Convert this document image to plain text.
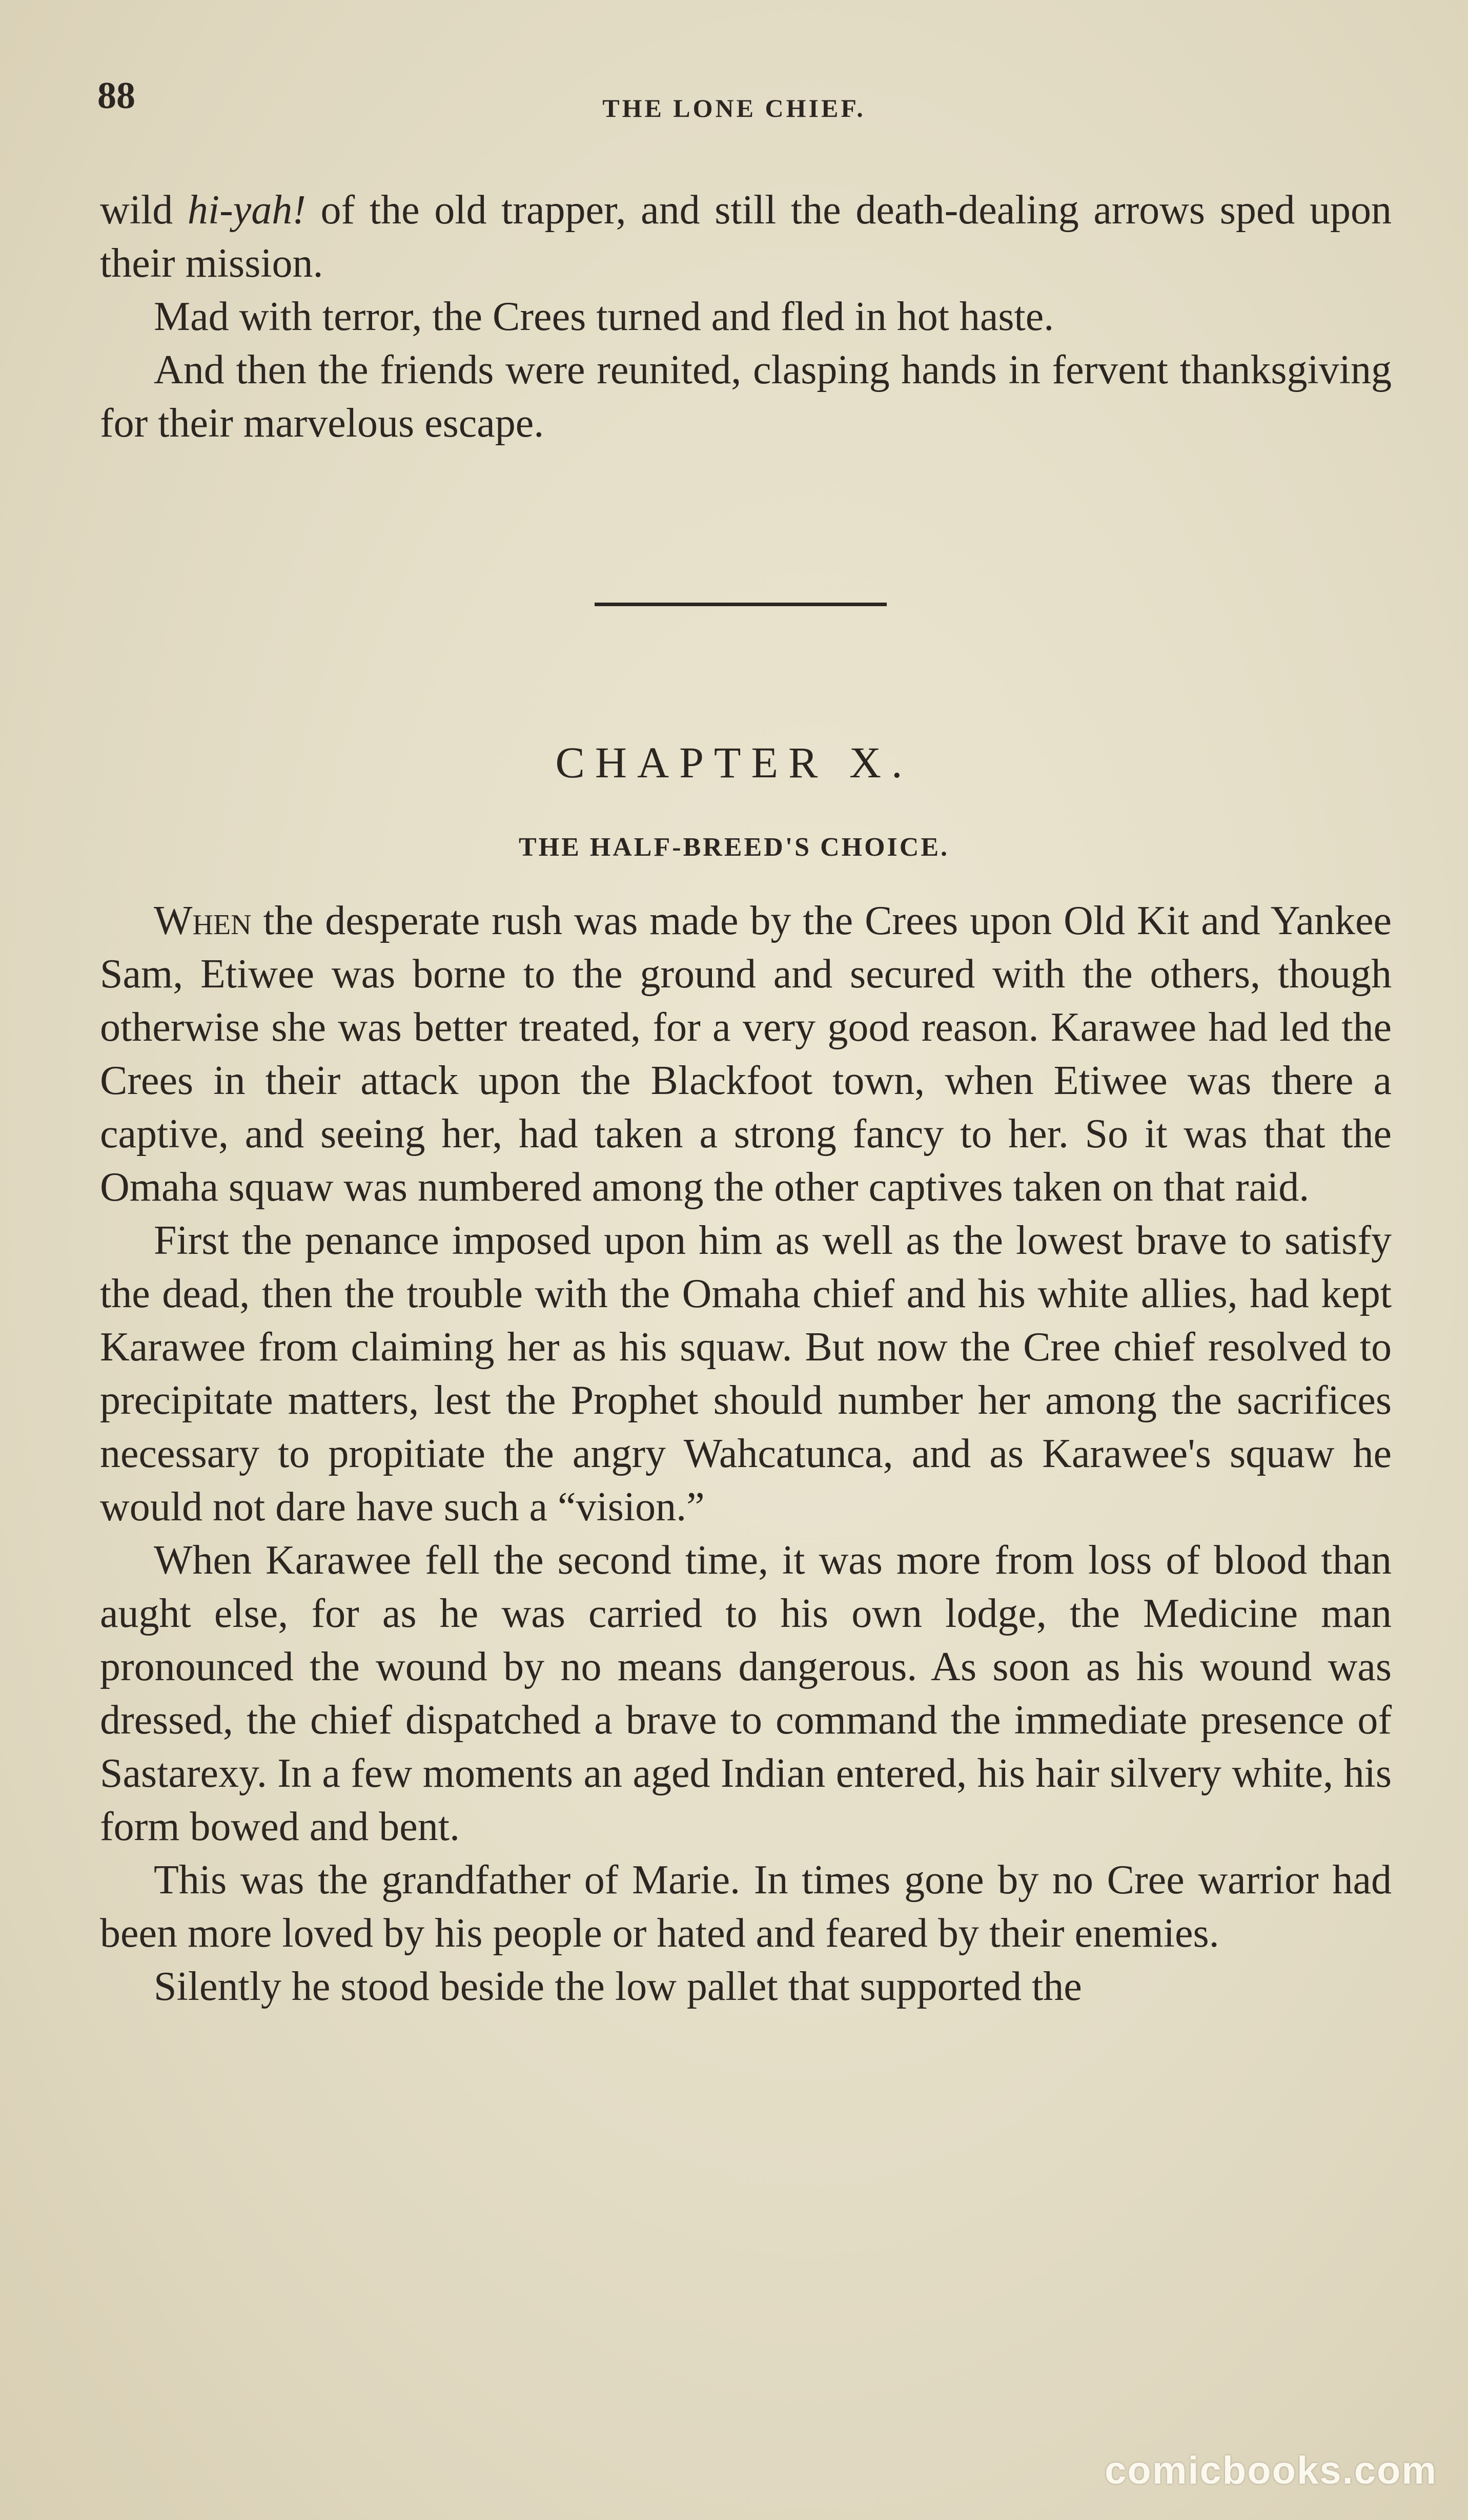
88	THE LONE CHIEF.

wild hi-yah! of the old trapper, and still the death-dealing arrows sped upon their mission.

Mad with terror, the Crees turned and fled in hot haste.

And then the friends were reunited, clasping hands in fervent thanksgiving for their marvelous escape.

CHAPTER X.
THE HALF-BREED'S CHOICE.

When the desperate rush was made by the Crees upon Old Kit and Yankee Sam, Etiwee was borne to the ground and secured with the others, though otherwise she was better treated, for a very good reason. Karawee had led the Crees in their attack upon the Blackfoot town, when Etiwee was there a captive, and seeing her, had taken a strong fancy to her. So it was that the Omaha squaw was numbered among the other captives taken on that raid.

First the penance imposed upon him as well as the lowest brave to satisfy the dead, then the trouble with the Omaha chief and his white allies, had kept Karawee from claiming her as his squaw. But now the Cree chief resolved to precipitate matters, lest the Prophet should number her among the sacrifices necessary to propitiate the angry Wahcatunca, and as Karawee's squaw he would not dare have such a “vision.”

When Karawee fell the second time, it was more from loss of blood than aught else, for as he was carried to his own lodge, the Medicine man pronounced the wound by no means dangerous. As soon as his wound was dressed, the chief dispatched a brave to command the immediate presence of Sastarexy. In a few moments an aged Indian entered, his hair silvery white, his form bowed and bent.

This was the grandfather of Marie. In times gone by no Cree warrior had been more loved by his people or hated and feared by their enemies.

Silently he stood beside the low pallet that supported the

comicbooks.com
